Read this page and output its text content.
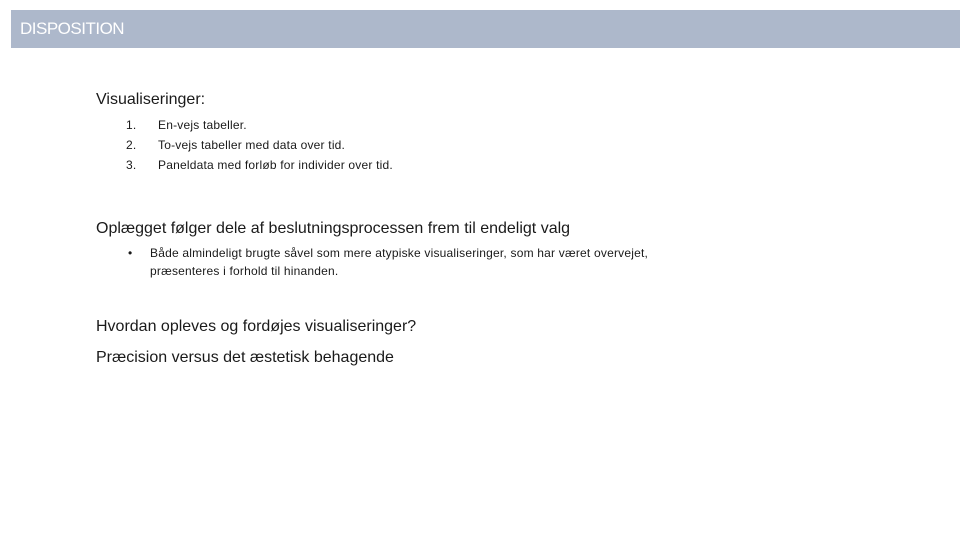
DISPOSITION
Visualiseringer:
1. En-vejs tabeller.
2. To-vejs tabeller med data over tid.
3. Paneldata med forløb for individer over tid.
Oplægget følger dele af beslutningsprocessen frem til endeligt valg
• Både almindeligt brugte såvel som mere atypiske visualiseringer, som har været overvejet, præsenteres i forhold til hinanden.
Hvordan opleves og fordøjes visualiseringer?
Præcision versus det æstetisk behagende
